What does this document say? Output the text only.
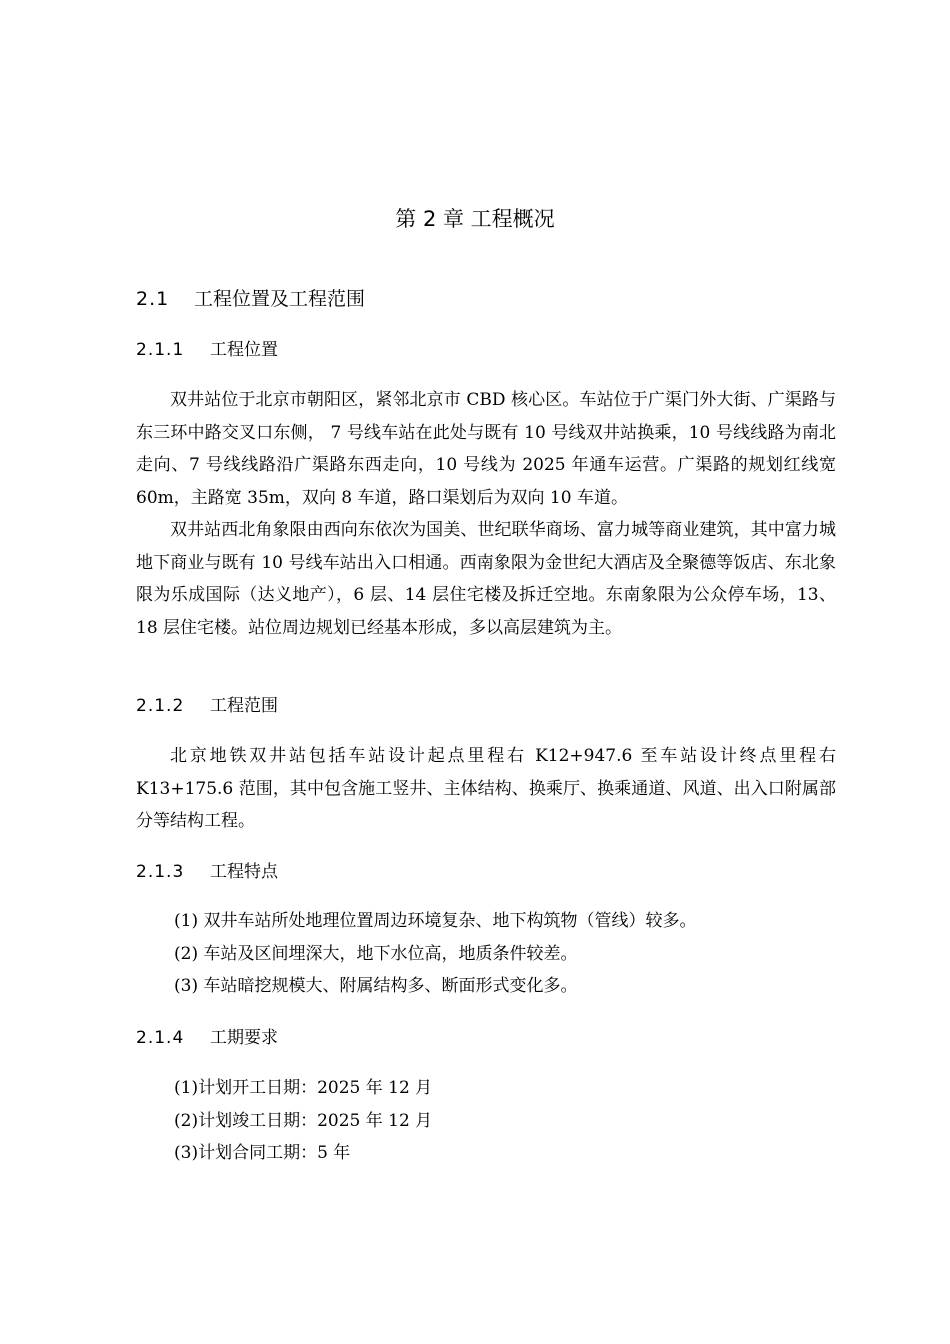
第 2 章 工程概况
2.1 工程位置及工程范围
2.1.1 工程位置

双井站位于北京市朝阳区，紧邻北京市 CBD 核心区。车站位于广渠门外大街、广渠路与东三环中路交叉口东侧， 7 号线车站在此处与既有 10 号线双井站换乘，10 号线线路为南北走向、7 号线线路沿广渠路东西走向，10 号线为 2025 年通车运营。广渠路的规划红线宽 60m，主路宽 35m，双向 8 车道，路口渠划后为双向 10 车道。

双井站西北角象限由西向东依次为国美、世纪联华商场、富力城等商业建筑，其中富力城地下商业与既有 10 号线车站出入口相通。西南象限为金世纪大酒店及全聚德等饭店、东北象限为乐成国际（达义地产），6 层、14 层住宅楼及拆迁空地。东南象限为公众停车场，13、18 层住宅楼。站位周边规划已经基本形成，多以高层建筑为主。

2.1.2 工程范围

北京地铁双井站包括车站设计起点里程右 K12+947.6 至车站设计终点里程右 K13+175.6 范围，其中包含施工竖井、主体结构、换乘厅、换乘通道、风道、出入口附属部分等结构工程。

2.1.3 工程特点
(1) 双井车站所处地理位置周边环境复杂、地下构筑物（管线）较多。
(2) 车站及区间埋深大，地下水位高，地质条件较差。
(3) 车站暗挖规模大、附属结构多、断面形式变化多。
2.1.4 工期要求
(1)计划开工日期：2025 年 12 月
(2)计划竣工日期：2025 年 12 月
(3)计划合同工期：5 年
